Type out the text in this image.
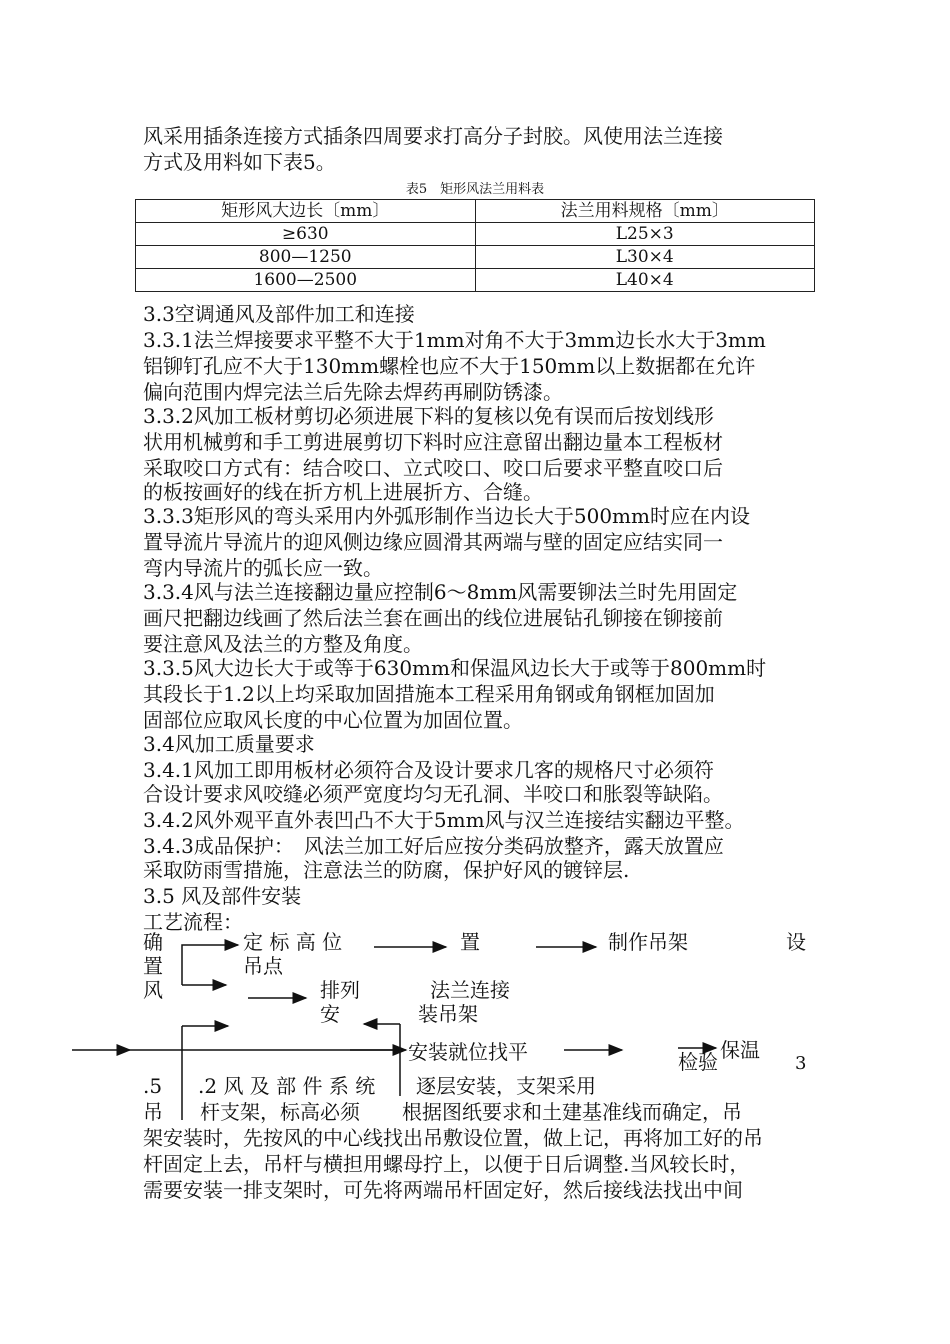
风采用插条连接方式插条四周要求打高分子封胶。风使用法兰连接
方式及用料如下表5。
表5　矩形风法兰用料表
矩形风大边长〔mm〕	法兰用料规格〔mm〕
≥630	L25×3
800—1250	L30×4
1600—2500	L40×4
3.3空调通风及部件加工和连接
3.3.1法兰焊接要求平整不大于1mm对角不大于3mm边长水大于3mm
铝铆钉孔应不大于130mm螺栓也应不大于150mm以上数据都在允许
偏向范围内焊完法兰后先除去焊药再刷防锈漆。
3.3.2风加工板材剪切必须进展下料的复核以免有误而后按划线形
状用机械剪和手工剪进展剪切下料时应注意留出翻边量本工程板材
采取咬口方式有：结合咬口、立式咬口、咬口后要求平整直咬口后
的板按画好的线在折方机上进展折方、合缝。
3.3.3矩形风的弯头采用内外弧形制作当边长大于500mm时应在内设
置导流片导流片的迎风侧边缘应圆滑其两端与壁的固定应结实同一
弯内导流片的弧长应一致。
3.3.4风与法兰连接翻边量应控制6～8mm风需要铆法兰时先用固定
画尺把翻边线画了然后法兰套在画出的线位进展钻孔铆接在铆接前
要注意风及法兰的方整及角度。
3.3.5风大边长大于或等于630mm和保温风边长大于或等于800mm时
其段长于1.2以上均采取加固措施本工程采用角钢或角钢框加固加
固部位应取风长度的中心位置为加固位置。
3.4风加工质量要求
3.4.1风加工即用板材必须符合及设计要求几客的规格尺寸必须符
合设计要求风咬缝必须严宽度均匀无孔洞、半咬口和胀裂等缺陷。
3.4.2风外观平直外表凹凸不大于5mm风与汉兰连接结实翻边平整。
3.4.3成品保护：　风法兰加工好后应按分类码放整齐，露天放置应
采取防雨雪措施，注意法兰的防腐，保护好风的镀锌层.
3.5 风及部件安装
工艺流程：
确	定 标 高 位	置	制作吊架	设
置	吊点
风	排列	法兰连接
安	装吊架
安装就位找平	保温
检验	3
.5 .2 风 及 部 件 系 统 逐层安装，支架采用
吊 杆支架，标高必须 根据图纸要求和土建基准线而确定，吊
架安装时，先按风的中心线找出吊敷设位置，做上记，再将加工好的吊
杆固定上去，吊杆与横担用螺母拧上，以便于日后调整.当风较长时，
需要安装一排支架时，可先将两端吊杆固定好，然后接线法找出中间
